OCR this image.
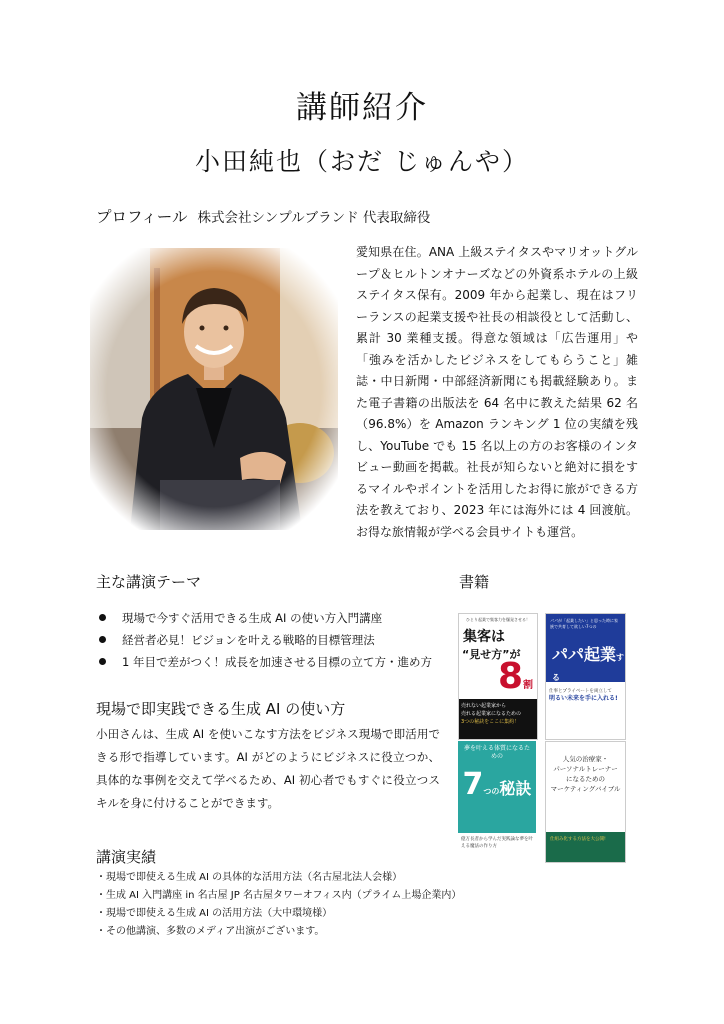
講師紹介
小田純也（おだ じゅんや）
プロフィール 株式会社シンプルブランド 代表取締役
愛知県在住。ANA 上級ステイタスやマリオットグループ＆ヒルトンオナーズなどの外資系ホテルの上級ステイタス保有。2009 年から起業し、現在はフリーランスの起業支援や社長の相談役として活動し、累計 30 業種支援。得意な領域は「広告運用」や「強みを活かしたビジネスをしてもらうこと」雑誌・中日新聞・中部経済新聞にも掲載経験あり。また電子書籍の出版法を 64 名中に教えた結果 62 名（96.8%）を Amazon ランキング 1 位の実績を残し、YouTube でも 15 名以上の方のお客様のインタビュー動画を掲載。社長が知らないと絶対に損をするマイルやポイントを活用したお得に旅ができる方法を教えており、2023 年には海外には 4 回渡航。お得な旅情報が学べる会員サイトも運営。
主な講演テーマ	書籍
現場で今すぐ活用できる生成 AI の使い方入門講座
経営者必見！ビジョンを叶える戦略的目標管理法
1 年目で差がつく！成長を加速させる目標の立て方・進め方
現場で即実践できる生成 AI の使い方
小田さんは、生成 AI を使いこなす方法をビジネス現場で即活用できる形で指導しています。AI がどのようにビジネスに役立つか、具体的な事例を交えて学べるため、AI 初心者でもすぐに役立つスキルを身に付けることができます。
ひとり起業で集客力を爆発させる！
集客は
“見せ方”が
8割
売れない起業家から
売れる起業家になるための
3つの秘訣をここに集約！
パパが「起業したい」と思った時に家族で共育して欲しい7つの
パパ起業する
仕事とプライベートを両立して
明るい未来を手に入れる!
夢を叶える体質になるための
7つの秘訣
億万長者から学んだ実践論な夢を叶える魔法の作り方
人気の治療家・
パーソナルトレーナー
になるための
マーケティングバイブル
仕組み化する方法を大公開!
講演実績
・現場で即使える生成 AI の具体的な活用方法（名古屋北法人会様）
・生成 AI 入門講座 in 名古屋 JP 名古屋タワーオフィス内（プライム上場企業内）
・現場で即使える生成 AI の活用方法（大中環境様）
・その他講演、多数のメディア出演がございます。
